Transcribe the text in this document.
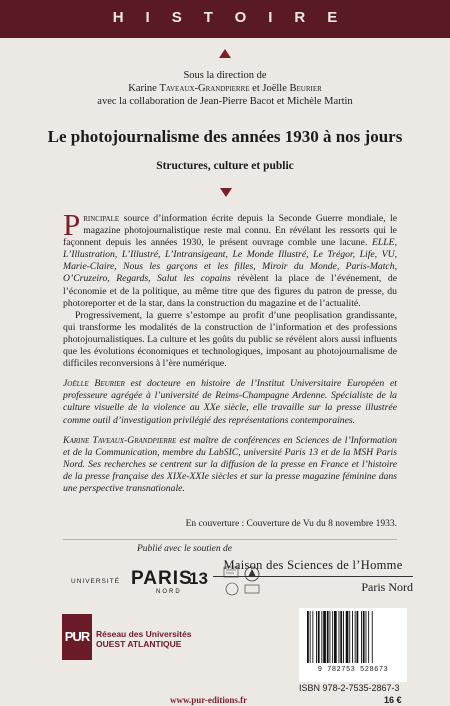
HISTOIRE
Sous la direction de
Karine Taveaux-Grandpierre et Joëlle Beurier
avec la collaboration de Jean-Pierre Bacot et Michèle Martin
Le photojournalisme des années 1930 à nos jours
Structures, culture et public

Principale source d’information écrite depuis la Seconde Guerre mondiale, le magazine photojournalistique reste mal connu. En révélant les ressorts qui le façonnent depuis les années 1930, le présent ouvrage comble une lacune. ELLE, L’Illustration, L’Illustré, L’Intransigeant, Le Monde Illustré, Le Trégor, Life, VU, Marie-Claire, Nous les garçons et les filles, Miroir du Monde, Paris-Match, O’Cruzeiro, Regards, Salut les copains révèlent la place de l’événement, de l’économie et de la politique, au même titre que des figures du patron de presse, du photoreporter et de la star, dans la construction du magazine et de l’actualité.

Progressivement, la guerre s’estompe au profit d’une peoplisation grandissante, qui transforme les modalités de la construction de l’information et des professions photojournalistiques. La culture et les goûts du public se révèlent alors aussi influents que les évolutions économiques et technologiques, imposant au photojournalisme de difficiles reconversions à l’ère numérique.

Joëlle Beurier est docteure en histoire de l’Institut Universitaire Européen et professeure agrégée à l’université de Reims-Champagne Ardenne. Spécialiste de la culture visuelle de la violence au XXe siècle, elle travaille sur la presse illustrée comme outil d’investigation privilégié des représentations contemporaines.

Karine Taveaux-Grandpierre est maître de conférences en Sciences de l’Information et de la Communication, membre du LabSIC, université Paris 13 et de la MSH Paris Nord. Ses recherches se centrent sur la diffusion de la presse en France et l’histoire de la presse française des XIXe-XXIe siècles et sur la presse magazine féminine dans une perspective transnationale.

En couverture : Couverture de Vu du 8 novembre 1933.
Publié avec le soutien de
UNIVERSITÉ PARIS
13
NORD
Maison des Sciences de l’Homme
Paris Nord
PUR Réseau des Universités
OUEST ATLANTIQUE
9 782753 528673
ISBN 978-2-7535-2867-3
www.pur-editions.fr	16 €
